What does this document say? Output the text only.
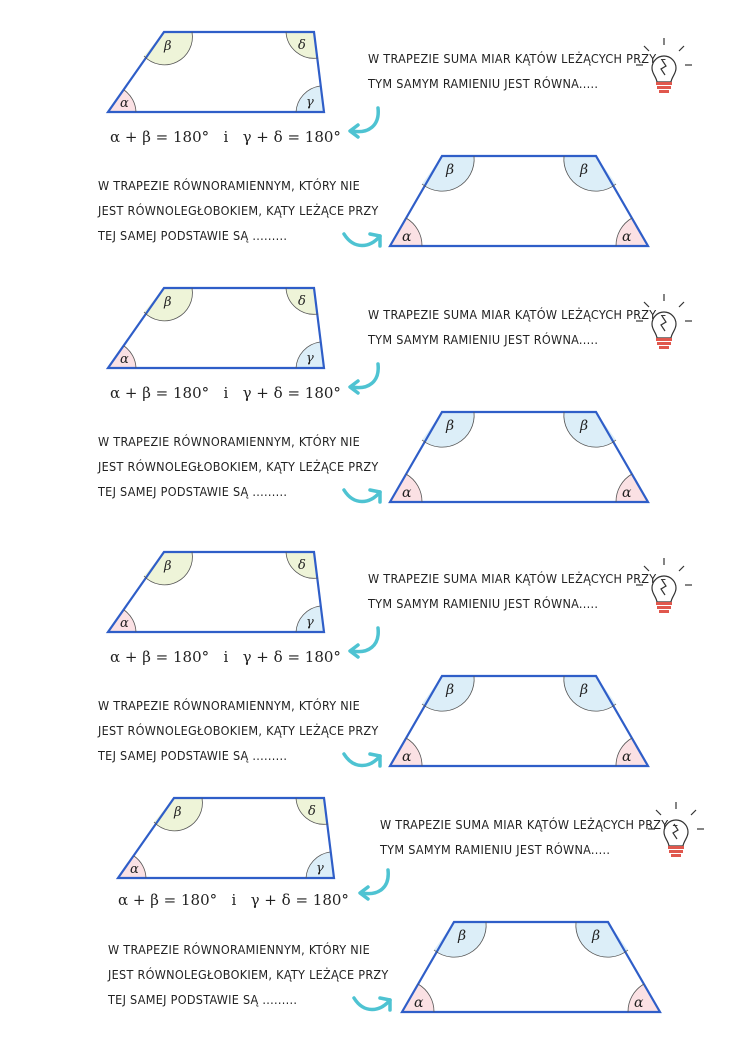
α
β	δ
γ
α + β = 180° i γ + δ = 180°
W TRAPEZIE SUMA MIAR KĄTÓW LEŻĄCYCH PRZY –
TYM SAMYM RAMIENIU JEST RÓWNA.....
W TRAPEZIE RÓWNORAMIENNYM, KTÓRY NIE
JEST RÓWNOLEGŁOBOKIEM, KĄTY LEŻĄCE PRZY
TEJ SAMEJ PODSTAWIE SĄ .........	α	α
β	β
α
β	δ
γ
α + β = 180° i γ + δ = 180°
W TRAPEZIE SUMA MIAR KĄTÓW LEŻĄCYCH PRZY –
TYM SAMYM RAMIENIU JEST RÓWNA.....
W TRAPEZIE RÓWNORAMIENNYM, KTÓRY NIE
JEST RÓWNOLEGŁOBOKIEM, KĄTY LEŻĄCE PRZY
TEJ SAMEJ PODSTAWIE SĄ .........	α	α
β	β
α
β	δ
γ
α + β = 180° i γ + δ = 180°
W TRAPEZIE SUMA MIAR KĄTÓW LEŻĄCYCH PRZY –
TYM SAMYM RAMIENIU JEST RÓWNA.....
W TRAPEZIE RÓWNORAMIENNYM, KTÓRY NIE
JEST RÓWNOLEGŁOBOKIEM, KĄTY LEŻĄCE PRZY
TEJ SAMEJ PODSTAWIE SĄ .........	α	α
β	β
α
β	δ
γ
α + β = 180° i γ + δ = 180°
W TRAPEZIE SUMA MIAR KĄTÓW LEŻĄCYCH PRZY –
TYM SAMYM RAMIENIU JEST RÓWNA.....
W TRAPEZIE RÓWNORAMIENNYM, KTÓRY NIE
JEST RÓWNOLEGŁOBOKIEM, KĄTY LEŻĄCE PRZY
TEJ SAMEJ PODSTAWIE SĄ .........	α	α
β	β
